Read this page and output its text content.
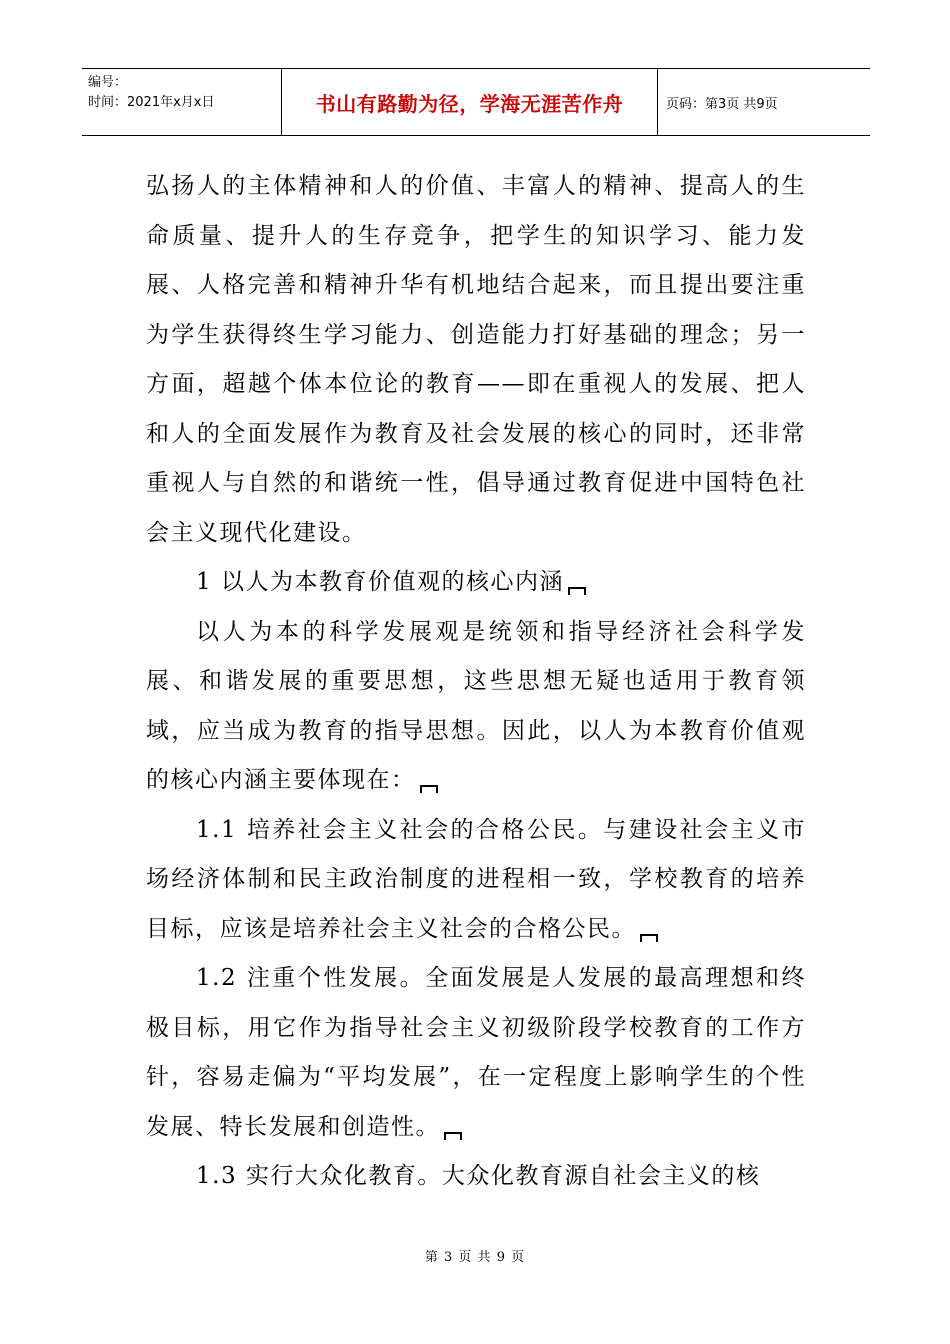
编号：
时间：2021年x月x日	书山有路勤为径，学海无涯苦作舟	页码：第3页 共9页

弘扬人的主体精神和人的价值、丰富人的精神、提高人的生命质量、提升人的生存竞争，把学生的知识学习、能力发展、人格完善和精神升华有机地结合起来，而且提出要注重为学生获得终生学习能力、创造能力打好基础的理念；另一方面，超越个体本位论的教育——即在重视人的发展、把人和人的全面发展作为教育及社会发展的核心的同时，还非常重视人与自然的和谐统一性，倡导通过教育促进中国特色社会主义现代化建设。

1 以人为本教育价值观的核心内涵

以人为本的科学发展观是统领和指导经济社会科学发展、和谐发展的重要思想，这些思想无疑也适用于教育领域，应当成为教育的指导思想。因此，以人为本教育价值观的核心内涵主要体现在：

1.1 培养社会主义社会的合格公民。与建设社会主义市场经济体制和民主政治制度的进程相一致，学校教育的培养目标，应该是培养社会主义社会的合格公民。

1.2 注重个性发展。全面发展是人发展的最高理想和终极目标，用它作为指导社会主义初级阶段学校教育的工作方针，容易走偏为“平均发展”，在一定程度上影响学生的个性发展、特长发展和创造性。

1.3 实行大众化教育。大众化教育源自社会主义的核

第 3 页 共 9 页
